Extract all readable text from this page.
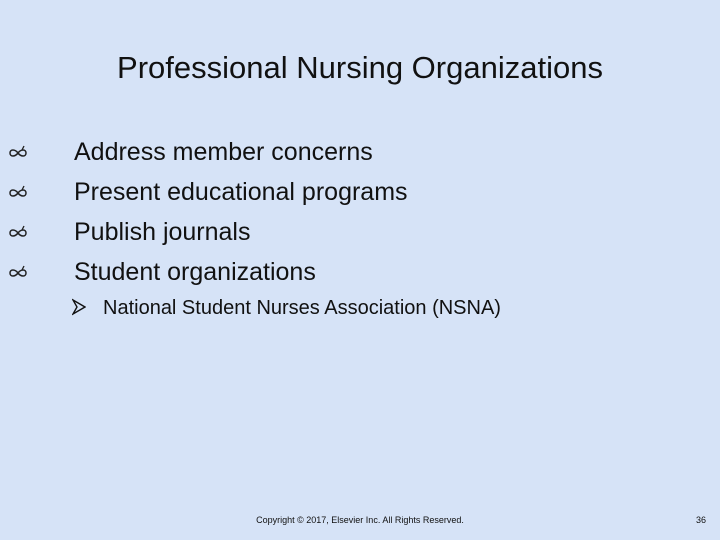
Professional Nursing Organizations
Address member concerns
Present educational programs
Publish journals
Student organizations
National Student Nurses Association (NSNA)
Copyright © 2017, Elsevier Inc. All Rights Reserved.	36
